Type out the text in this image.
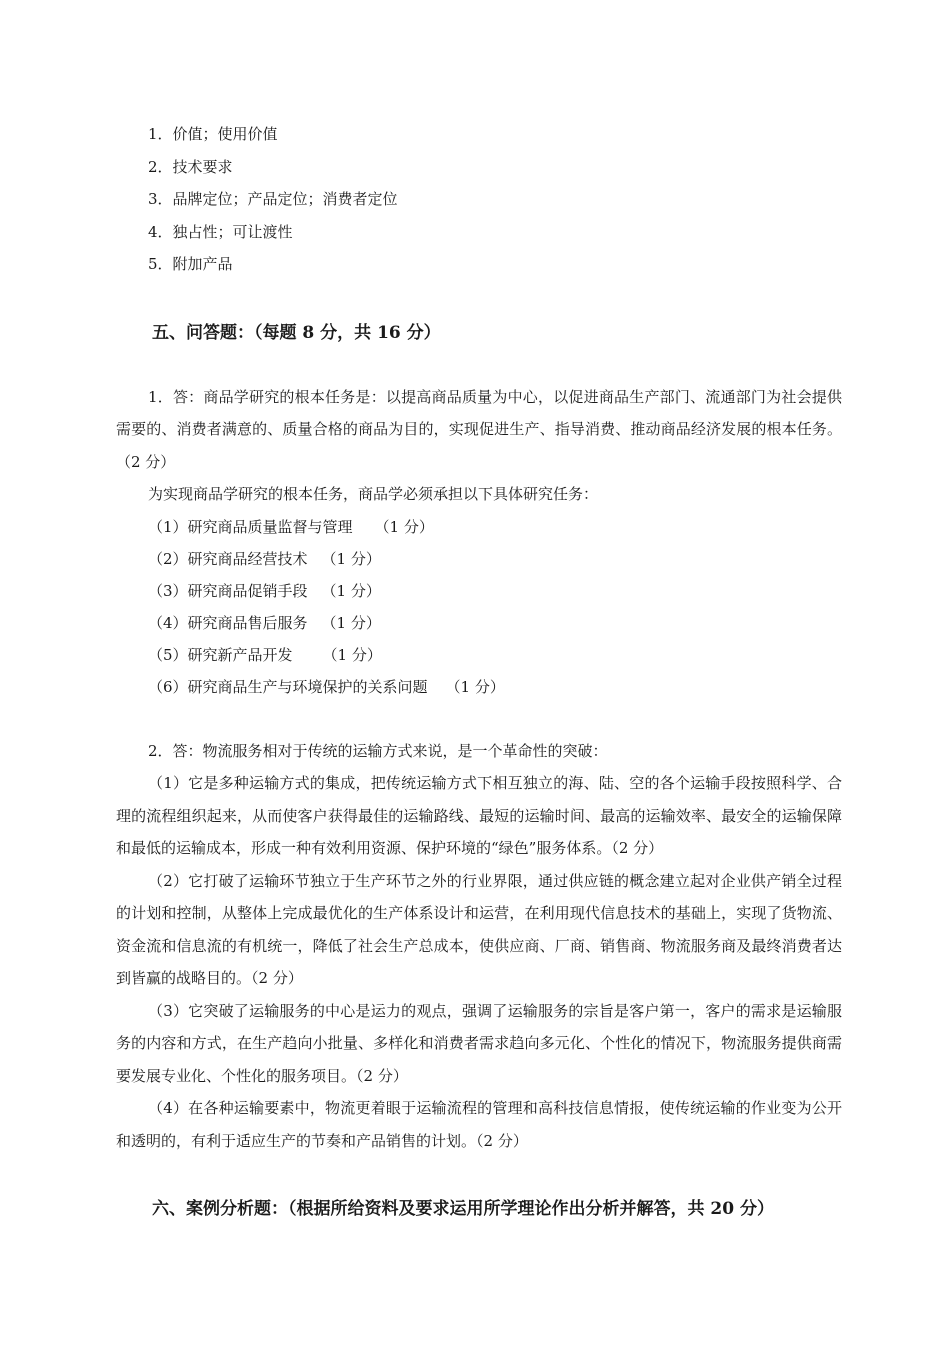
1．价值；使用价值
2．技术要求
3．品牌定位；产品定位；消费者定位
4．独占性；可让渡性
5．附加产品
五、问答题：（每题 8 分，共 16 分）

1．答：商品学研究的根本任务是：以提高商品质量为中心，以促进商品生产部门、流通部门为社会提供需要的、消费者满意的、质量合格的商品为目的，实现促进生产、指导消费、推动商品经济发展的根本任务。（2 分）

为实现商品学研究的根本任务，商品学必须承担以下具体研究任务：

（1）研究商品质量监督与管理 （1 分）
（2）研究商品经营技术 （1 分）
（3）研究商品促销手段 （1 分）
（4）研究商品售后服务 （1 分）
（5）研究新产品开发 （1 分）
（6）研究商品生产与环境保护的关系问题 （1 分）

2．答：物流服务相对于传统的运输方式来说，是一个革命性的突破：

（1）它是多种运输方式的集成，把传统运输方式下相互独立的海、陆、空的各个运输手段按照科学、合理的流程组织起来，从而使客户获得最佳的运输路线、最短的运输时间、最高的运输效率、最安全的运输保障和最低的运输成本，形成一种有效利用资源、保护环境的“绿色”服务体系。（2 分）

（2）它打破了运输环节独立于生产环节之外的行业界限，通过供应链的概念建立起对企业供产销全过程的计划和控制，从整体上完成最优化的生产体系设计和运营，在利用现代信息技术的基础上，实现了货物流、资金流和信息流的有机统一，降低了社会生产总成本，使供应商、厂商、销售商、物流服务商及最终消费者达到皆赢的战略目的。（2 分）

（3）它突破了运输服务的中心是运力的观点，强调了运输服务的宗旨是客户第一，客户的需求是运输服务的内容和方式，在生产趋向小批量、多样化和消费者需求趋向多元化、个性化的情况下，物流服务提供商需要发展专业化、个性化的服务项目。（2 分）

（4）在各种运输要素中，物流更着眼于运输流程的管理和高科技信息情报，使传统运输的作业变为公开和透明的，有利于适应生产的节奏和产品销售的计划。（2 分）

六、案例分析题：（根据所给资料及要求运用所学理论作出分析并解答，共 20 分）
